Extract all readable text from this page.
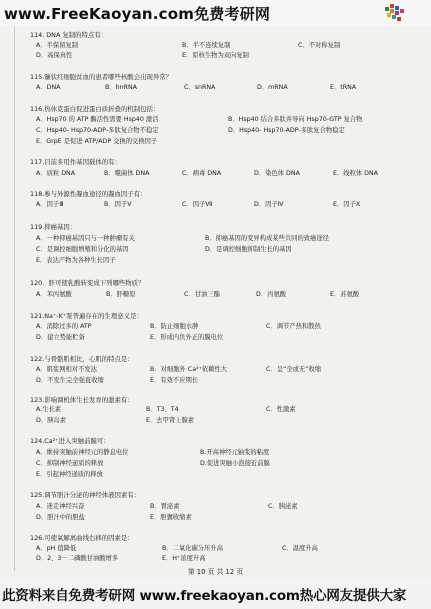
www.FreeKaoyan.com免费考研网
114. DNA 复制的特点有：
A．半保留复制	B．半不连续复制	C．不对称复制
D．高保真性	E．原核生物为双向复制
115.镰状红细胞贫血的患者哪些核酸会出现异常？
A．DNA	B．hnRNA	C．snRNA	D．mRNA	E．tRNA
116.热休克蛋白促进蛋白质折叠的机制包括：
A．Hsp70 的 ATP 酶活性需要 Hsp40 激活	B．Hsp40 结合多肽并导向 Hsp70-GTP 复合物
C．Hsp40- Hsp70-ADP-多肽复合物不稳定	D．Hsp40- Hsp70-ADP-多肽复合物稳定
E．GrpE 是促进 ATP/ADP 交换的交换因子
117.目前多用作基因载体的有：
A．质粒 DNA	B．噬菌体 DNA	C．病毒 DNA	D．染色体 DNA	E．线粒体 DNA
118.参与外源性凝血途径的凝血因子有：
A．因子Ⅲ	B．因子Ⅴ	C．因子Ⅶ	D．因子Ⅳ	E．因子Ⅹ
119.抑癌基因：
A．一种抑癌基因只与一种肿瘤有关	B．抑癌基因的变异构成某些共同的致癌途径
C．是调控细胞增殖和分化的基因	D．是调控细胞抑制生长的基因
E．表达产物为各种生长因子
120．肝可使乳酸转变成下列哪些物质？
A．苯丙氨酸	B．肝糖原	C．甘油三酯	D．丙氨酸	E．苏氨酸
121.Na⁺-K⁺泵普遍存在的生理意义是：
A．消除过多的 ATP	B．防止细胞水肿	C．调节产热和散热
D．建立势能贮备	E．形成内负外正的膜电位
122.与骨骼肌相比，心肌的特点是：
A．肌浆网相对不发达	B．对细胞外 Ca²⁺依赖性大	C．呈“全或无”收缩
D．不发生完全强直收缩	E．有效不应期长
123.影响调机体生长发育的激素有：
A.生长素	B．T3、T4	C．性激素
D．胰岛素	E．去甲肾上腺素
124.Ca²⁺进入突触前膜可：
A．维持突触前神经元的静息电位	B.开高神经元轴浆的粘度
C．抑制神经递质的释放	D.促进突触小泡接近前膜
E．引起神经递质的释放
125.调节胆汁分泌的神经体液因素有：
A．迷走神经兴奋	B．胃泌素	C．胰泌素
D．胆汁中的胆盐	E．胆囊收缩素
126.可使氧解离曲线右移的因素是：
A．pH 值降低	B．二氧化碳分压升高	C．温度升高
D．2、3－二磷酸甘油酸增多	E．H⁺浓度升高
第 10 页 共 12 页
此资料来自免费考研网 www.freekaoyan.com热心网友提供大家
